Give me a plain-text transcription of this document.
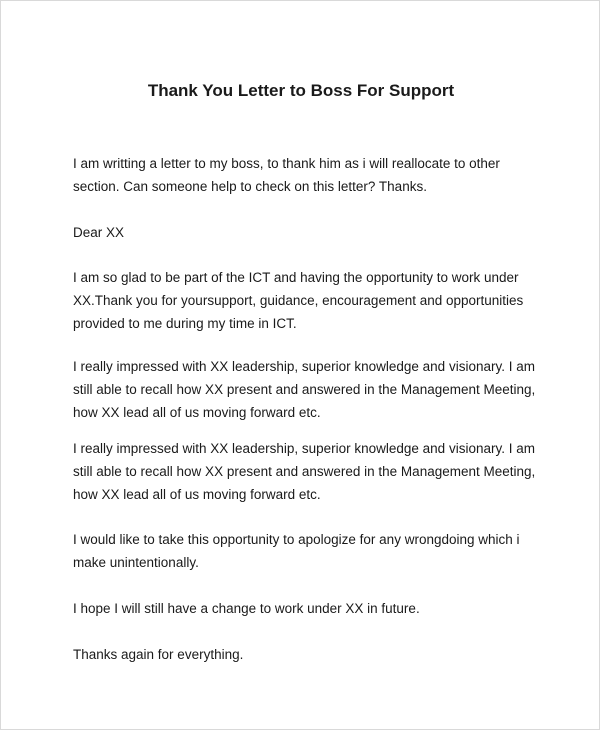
Thank You Letter to Boss For Support

I am writting a letter to my boss, to thank him as i will reallocate to other
section. Can someone help to check on this letter? Thanks.

Dear XX

I am so glad to be part of the ICT and having the opportunity to work under
XX.Thank you for yoursupport, guidance, encouragement and opportunities
provided to me during my time in ICT.

I really impressed with XX leadership, superior knowledge and visionary. I am
still able to recall how XX present and answered in the Management Meeting,
how XX lead all of us moving forward etc.

I really impressed with XX leadership, superior knowledge and visionary. I am
still able to recall how XX present and answered in the Management Meeting,
how XX lead all of us moving forward etc.

I would like to take this opportunity to apologize for any wrongdoing which i
make unintentionally.

I hope I will still have a change to work under XX in future.

Thanks again for everything.
